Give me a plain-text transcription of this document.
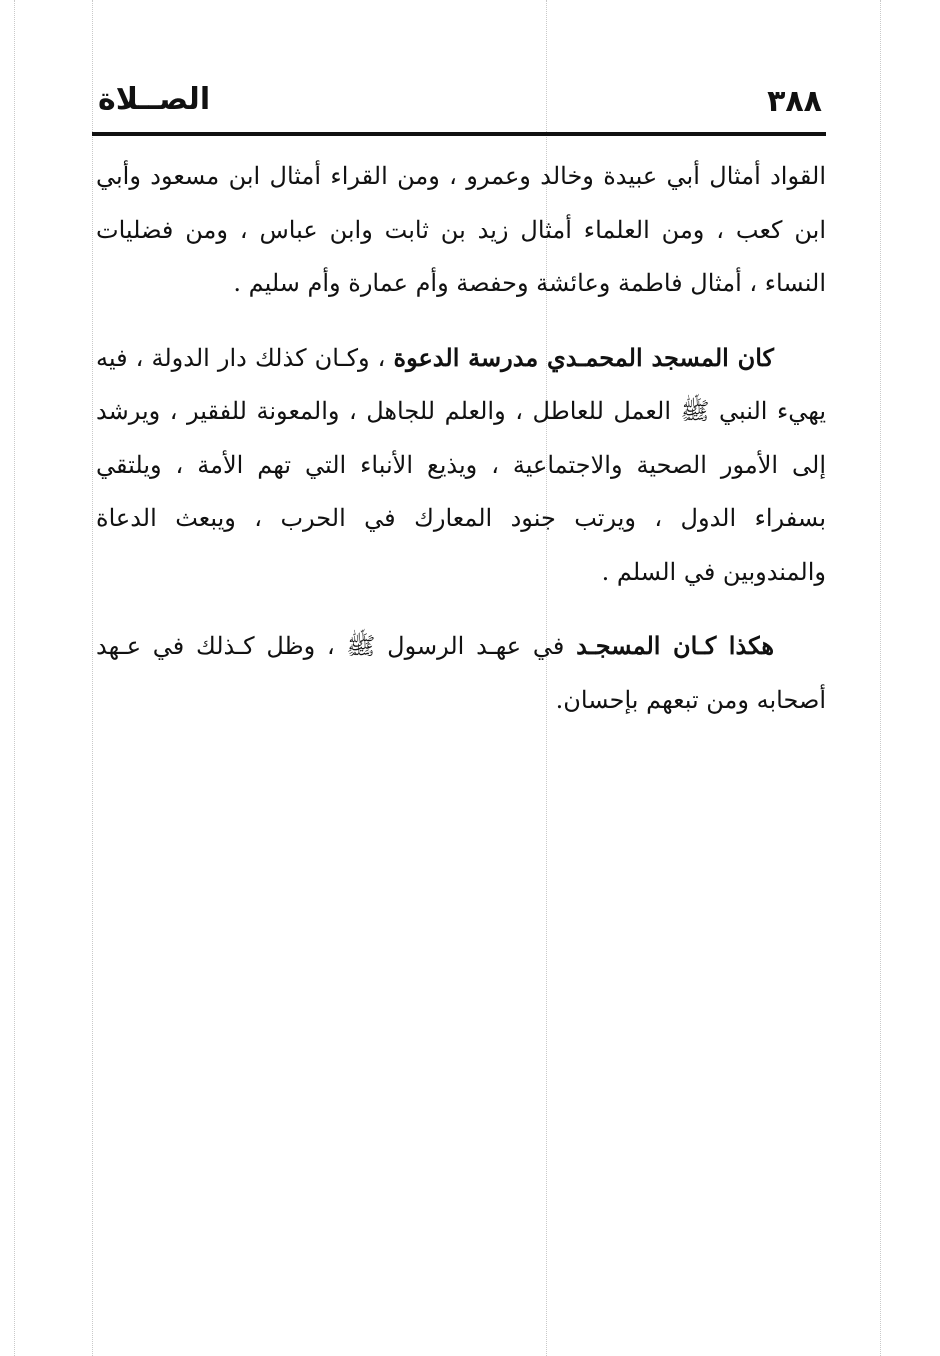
٣٨٨
الصــلاة

القواد أمثال أبي عبيدة وخالد وعمرو ، ومن القراء أمثال ابن مسعود وأبي ابن كعب ، ومن العلماء أمثال زيد بن ثابت وابن عباس ، ومن فضليات النساء ، أمثال فاطمة وعائشة وحفصة وأم عمارة وأم سليم .

كان المسجد المحمـدي مدرسة الدعوة ، وكـان كذلك دار الدولة ، فيه يهيء النبي ﷺ العمل للعاطل ، والعلم للجاهل ، والمعونة للفقير ، ويرشد إلى الأمور الصحية والاجتماعية ، ويذيع الأنباء التي تهم الأمة ، ويلتقي بسفراء الدول ، ويرتب جنود المعارك في الحرب ، ويبعث الدعاة والمندوبين في السلم .

هكذا كـان المسجـد في عهـد الرسول ﷺ ، وظل كـذلك في عـهد أصحابه ومن تبعهم بإحسان.
